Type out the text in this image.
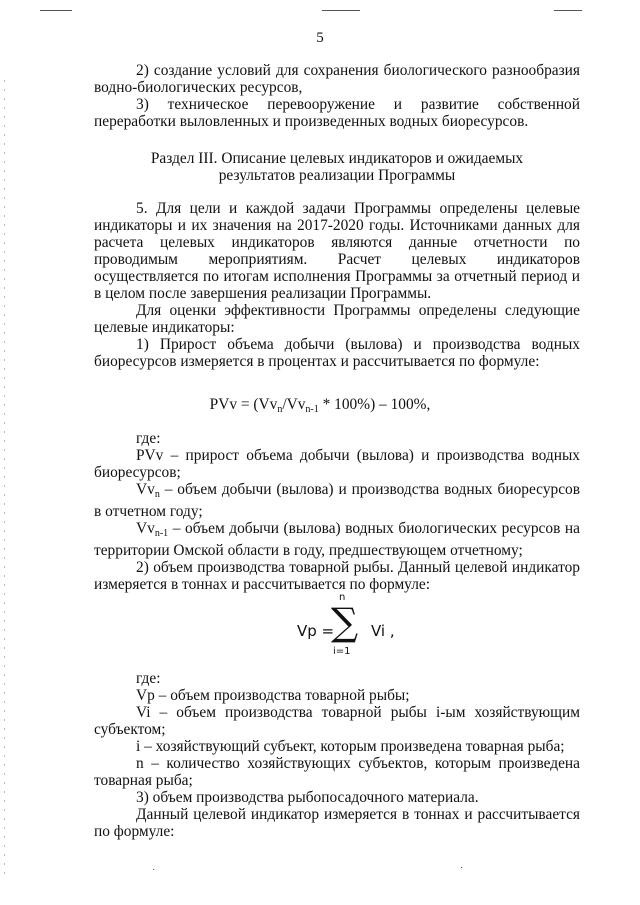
5

2) создание условий для сохранения биологического разнообразия водно-биологических ресурсов,

3) техническое перевооружение и развитие собственной переработки выловленных и произведенных водных биоресурсов.

Раздел III. Описание целевых индикаторов и ожидаемых
результатов реализации Программы

5. Для цели и каждой задачи Программы определены целевые индикаторы и их значения на 2017-2020 годы. Источниками данных для расчета целевых индикаторов являются данные отчетности по проводимым мероприятиям. Расчет целевых индикаторов осуществляется по итогам исполнения Программы за отчетный период и в целом после завершения реализации Программы.

Для оценки эффективности Программы определены следующие целевые индикаторы:

1) Прирост объема добычи (вылова) и производства водных биоресурсов измеряется в процентах и рассчитывается по формуле:

PVv = $(Vv_n/Vv_{n-1} * 100\%) - 100\%$,

где:

PVv – прирост объема добычи (вылова) и производства водных биоресурсов;

$Vv_n$ – объем добычи (вылова) и производства водных биоресурсов в отчетном году;

$Vv_{n-1}$ – объем добычи (вылова) водных биологических ресурсов на территории Омской области в году, предшествующем отчетному;

2) объем производства товарной рыбы. Данный целевой индикатор измеряется в тоннах и рассчитывается по формуле:

Vp =
n
∑
i=1
Vi ,

где:

Vp – объем производства товарной рыбы;

Vi – объем производства товарной рыбы i-ым хозяйствующим субъектом;

i – хозяйствующий субъект, которым произведена товарная рыба;

n – количество хозяйствующих субъектов, которым произведена товарная рыба;

3) объем производства рыбопосадочного материала.

Данный целевой индикатор измеряется в тоннах и рассчитывается по формуле:

˙	˙
